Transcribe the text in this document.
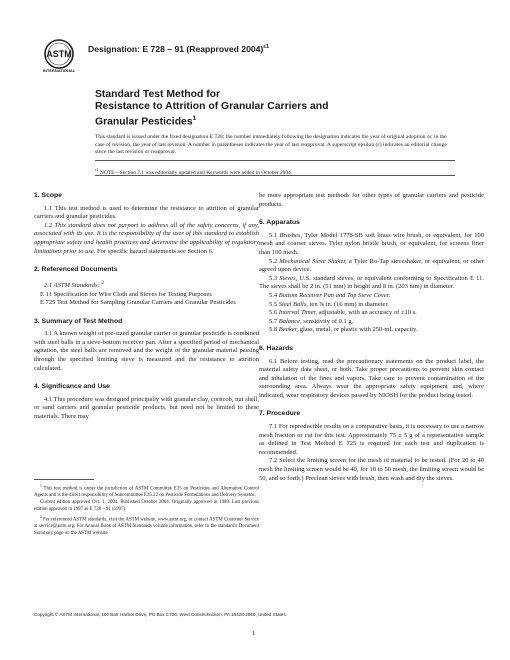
ASTM
INTERNATIONAL
Designation: E 728 – 91 (Reapproved 2004)$^{\varepsilon 1}$
Standard Test Method for
Resistance to Attrition of Granular Carriers and
Granular Pesticides$^1$
This standard is issued under the fixed designation E 728; the number immediately following the designation indicates the year of original adoption or, in the case of revision, the year of last revision. A number in parentheses indicates the year of last reapproval. A superscript epsilon (ε) indicates an editorial change since the last revision or reapproval.
$^{\varepsilon 1}$ NOTE—Section 7.1 was editorially updated and Keywords were added in October 2004.
1. Scope

1.1 This test method is used to determine the resistance to attrition of granular carriers and granular pesticides.

1.2 This standard does not purport to address all of the safety concerns, if any, associated with its use. It is the responsibility of the user of this standard to establish appropriate safety and health practices and determine the applicability of regulatory limitations prior to use. For specific hazard statements see Section 6.

2. Referenced Documents

2.1 ASTM Standards: $^2$

E 11 Specification for Wire Cloth and Sieves for Testing Purposes

E 725 Test Method for Sampling Granular Carriers and Granular Pesticides

3. Summary of Test Method

3.1 A known weight of pre-sized granular carrier or granular pesticide is combined with steel balls in a sieve-bottom receiver pan. After a specified period of mechanical agitation, the steel balls are removed and the weight of the granular material passing through the specified limiting sieve is measured and the resistance to attrition calculated.

4. Significance and Use

4.1 This procedure was designed principally with granular clay, corncob, nut shell, or sand carriers and granular pesticide products, but need not be limited to these materials. There may

$^1$ This test method is under the jurisdiction of ASTM Committee E35 on Pesticides and Alternative Control Agents and is the direct responsibility of Subcommittee E35.22 on Pesticide Formulations and Delivery Systems.

Current edition approved Oct. 1, 2004. Published October 2004. Originally approved in 1980. Last previous edition approved in 1997 as E 728 – 91 (1997).

$^2$ For referenced ASTM standards, visit the ASTM website, www.astm.org, or contact ASTM Customer Service at service@astm.org. For Annual Book of ASTM Standards volume information, refer to the standard's Document Summary page on the ASTM website.

be more appropriate test methods for other types of granular carriers and pesticide products.

5. Apparatus

5.1 Brushes, Tyler Model 1778-SB soft brass wire brush, or equivalent, for 100 mesh and coarser sieves. Tyler nylon bristle brush, or equivalent, for screens finer than 100 mesh.

5.2 Mechanical Sieve Shaker, a Tyler Ro-Tap sieveshaker, or equivalent, or other agreed upon device.

5.3 Sieves, U.S. standard sieves, or equivalent conforming to Specification E 11. The sieves shall be 2 in. (51 mm) in height and 8 in. (203 mm) in diameter.

5.4 Bottom Receiver Pan and Top Sieve Cover.

5.5 Steel Balls, ten ⅝ in. (16 mm) in diameter.

5.6 Interval Timer, adjustable, with an accuracy of ±10 s.

5.7 Balance, sensitivity of 0.1 g.

5.8 Beaker, glass, metal, or plastic with 250-mL capacity.

6. Hazards

6.1 Before testing, read the precautionary statements on the product label, the material safety data sheet, or both. Take proper precautions to prevent skin contact and inhalation of the fines and vapors. Take care to prevent contamination of the surrounding area. Always wear the appropriate safety equipment and, where indicated, wear respiratory devices passed by NIOSH for the product being tested.

7. Procedure

7.1 For reproducible results on a comparative basis, it is necessary to use a narrow mesh fraction or cut for this test. Approximately 75 ± 5 g of a representative sample as defined in Test Method E 725 is required for each test and duplication is recommended.

7.2 Select the limiting screen for the mesh of material to be tested. (For 20 to 40 mesh the limiting screen would be 40, for 18 to 50 mesh, the limiting screen would be 50, and so forth.) Preclean sieves with brush, then wash and dry the sieves.

Copyright © ASTM International, 100 Barr Harbor Drive, PO Box C700, West Conshohocken, PA 19428-2959, United States.
1
